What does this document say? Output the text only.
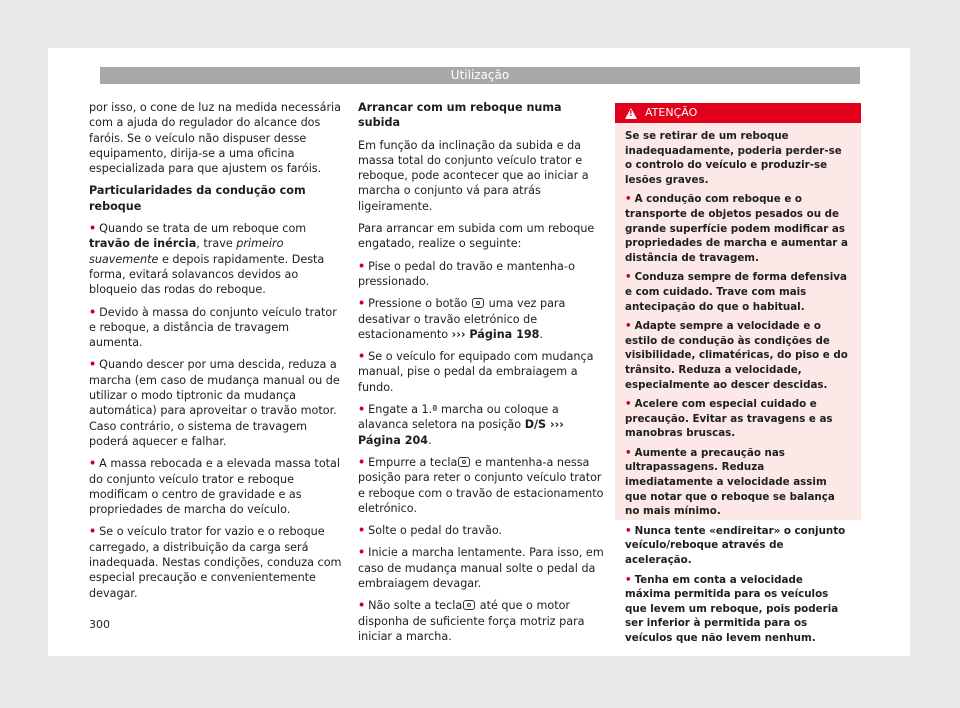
Utilização

por isso, o cone de luz na medida necessária com a ajuda do regulador do alcance dos faróis. Se o veículo não dispuser desse equipamento, dirija-se a uma oficina especializada para que ajustem os faróis.

Particularidades da condução com reboque

• Quando se trata de um reboque com travão de inércia, trave primeiro suavemente e depois rapidamente. Desta forma, evitará solavancos devidos ao bloqueio das rodas do reboque.

• Devido à massa do conjunto veículo trator e reboque, a distância de travagem aumenta.

• Quando descer por uma descida, reduza a marcha (em caso de mudança manual ou de utilizar o modo tiptronic da mudança automática) para aproveitar o travão motor. Caso contrário, o sistema de travagem poderá aquecer e falhar.

• A massa rebocada e a elevada massa total do conjunto veículo trator e reboque modificam o centro de gravidade e as propriedades de marcha do veículo.

• Se o veículo trator for vazio e o reboque carregado, a distribuição da carga será inadequada. Nestas condições, conduza com especial precaução e convenientemente devagar.

Arrancar com um reboque numa subida

Em função da inclinação da subida e da massa total do conjunto veículo trator e reboque, pode acontecer que ao iniciar a marcha o conjunto vá para atrás ligeiramente.

Para arrancar em subida com um reboque engatado, realize o seguinte:

• Pise o pedal do travão e mantenha-o pressionado.

• Pressione o botão  uma vez para desativar o travão eletrónico de estacionamento ››› Página 198.

• Se o veículo for equipado com mudança manual, pise o pedal da embraiagem a fundo.

• Engate a 1.ª marcha ou coloque a alavanca seletora na posição D/S ››› Página 204.

• Empurre a tecla e mantenha-a nessa posição para reter o conjunto veículo trator e reboque com o travão de estacionamento eletrónico.

• Solte o pedal do travão.

• Inicie a marcha lentamente. Para isso, em caso de mudança manual solte o pedal da embraiagem devagar.

• Não solte a tecla até que o motor disponha de suficiente força motriz para iniciar a marcha.

!
ATENÇÃO

Se se retirar de um reboque inadequadamente, poderia perder-se o controlo do veículo e produzir-se lesões graves.

• A condução com reboque e o transporte de objetos pesados ou de grande superfície podem modificar as propriedades de marcha e aumentar a distância de travagem.

• Conduza sempre de forma defensiva e com cuidado. Trave com mais antecipação do que o habitual.

• Adapte sempre a velocidade e o estilo de condução às condições de visibilidade, climatéricas, do piso e do trânsito. Reduza a velocidade, especialmente ao descer descidas.

• Acelere com especial cuidado e precaução. Evitar as travagens e as manobras bruscas.

• Aumente a precaução nas ultrapassagens. Reduza imediatamente a velocidade assim que notar que o reboque se balança no mais mínimo.

• Nunca tente «endireitar» o conjunto veículo/reboque através de aceleração.

• Tenha em conta a velocidade máxima permitida para os veículos que levem um reboque, pois poderia ser inferior à permitida para os veículos que não levem nenhum.

300
